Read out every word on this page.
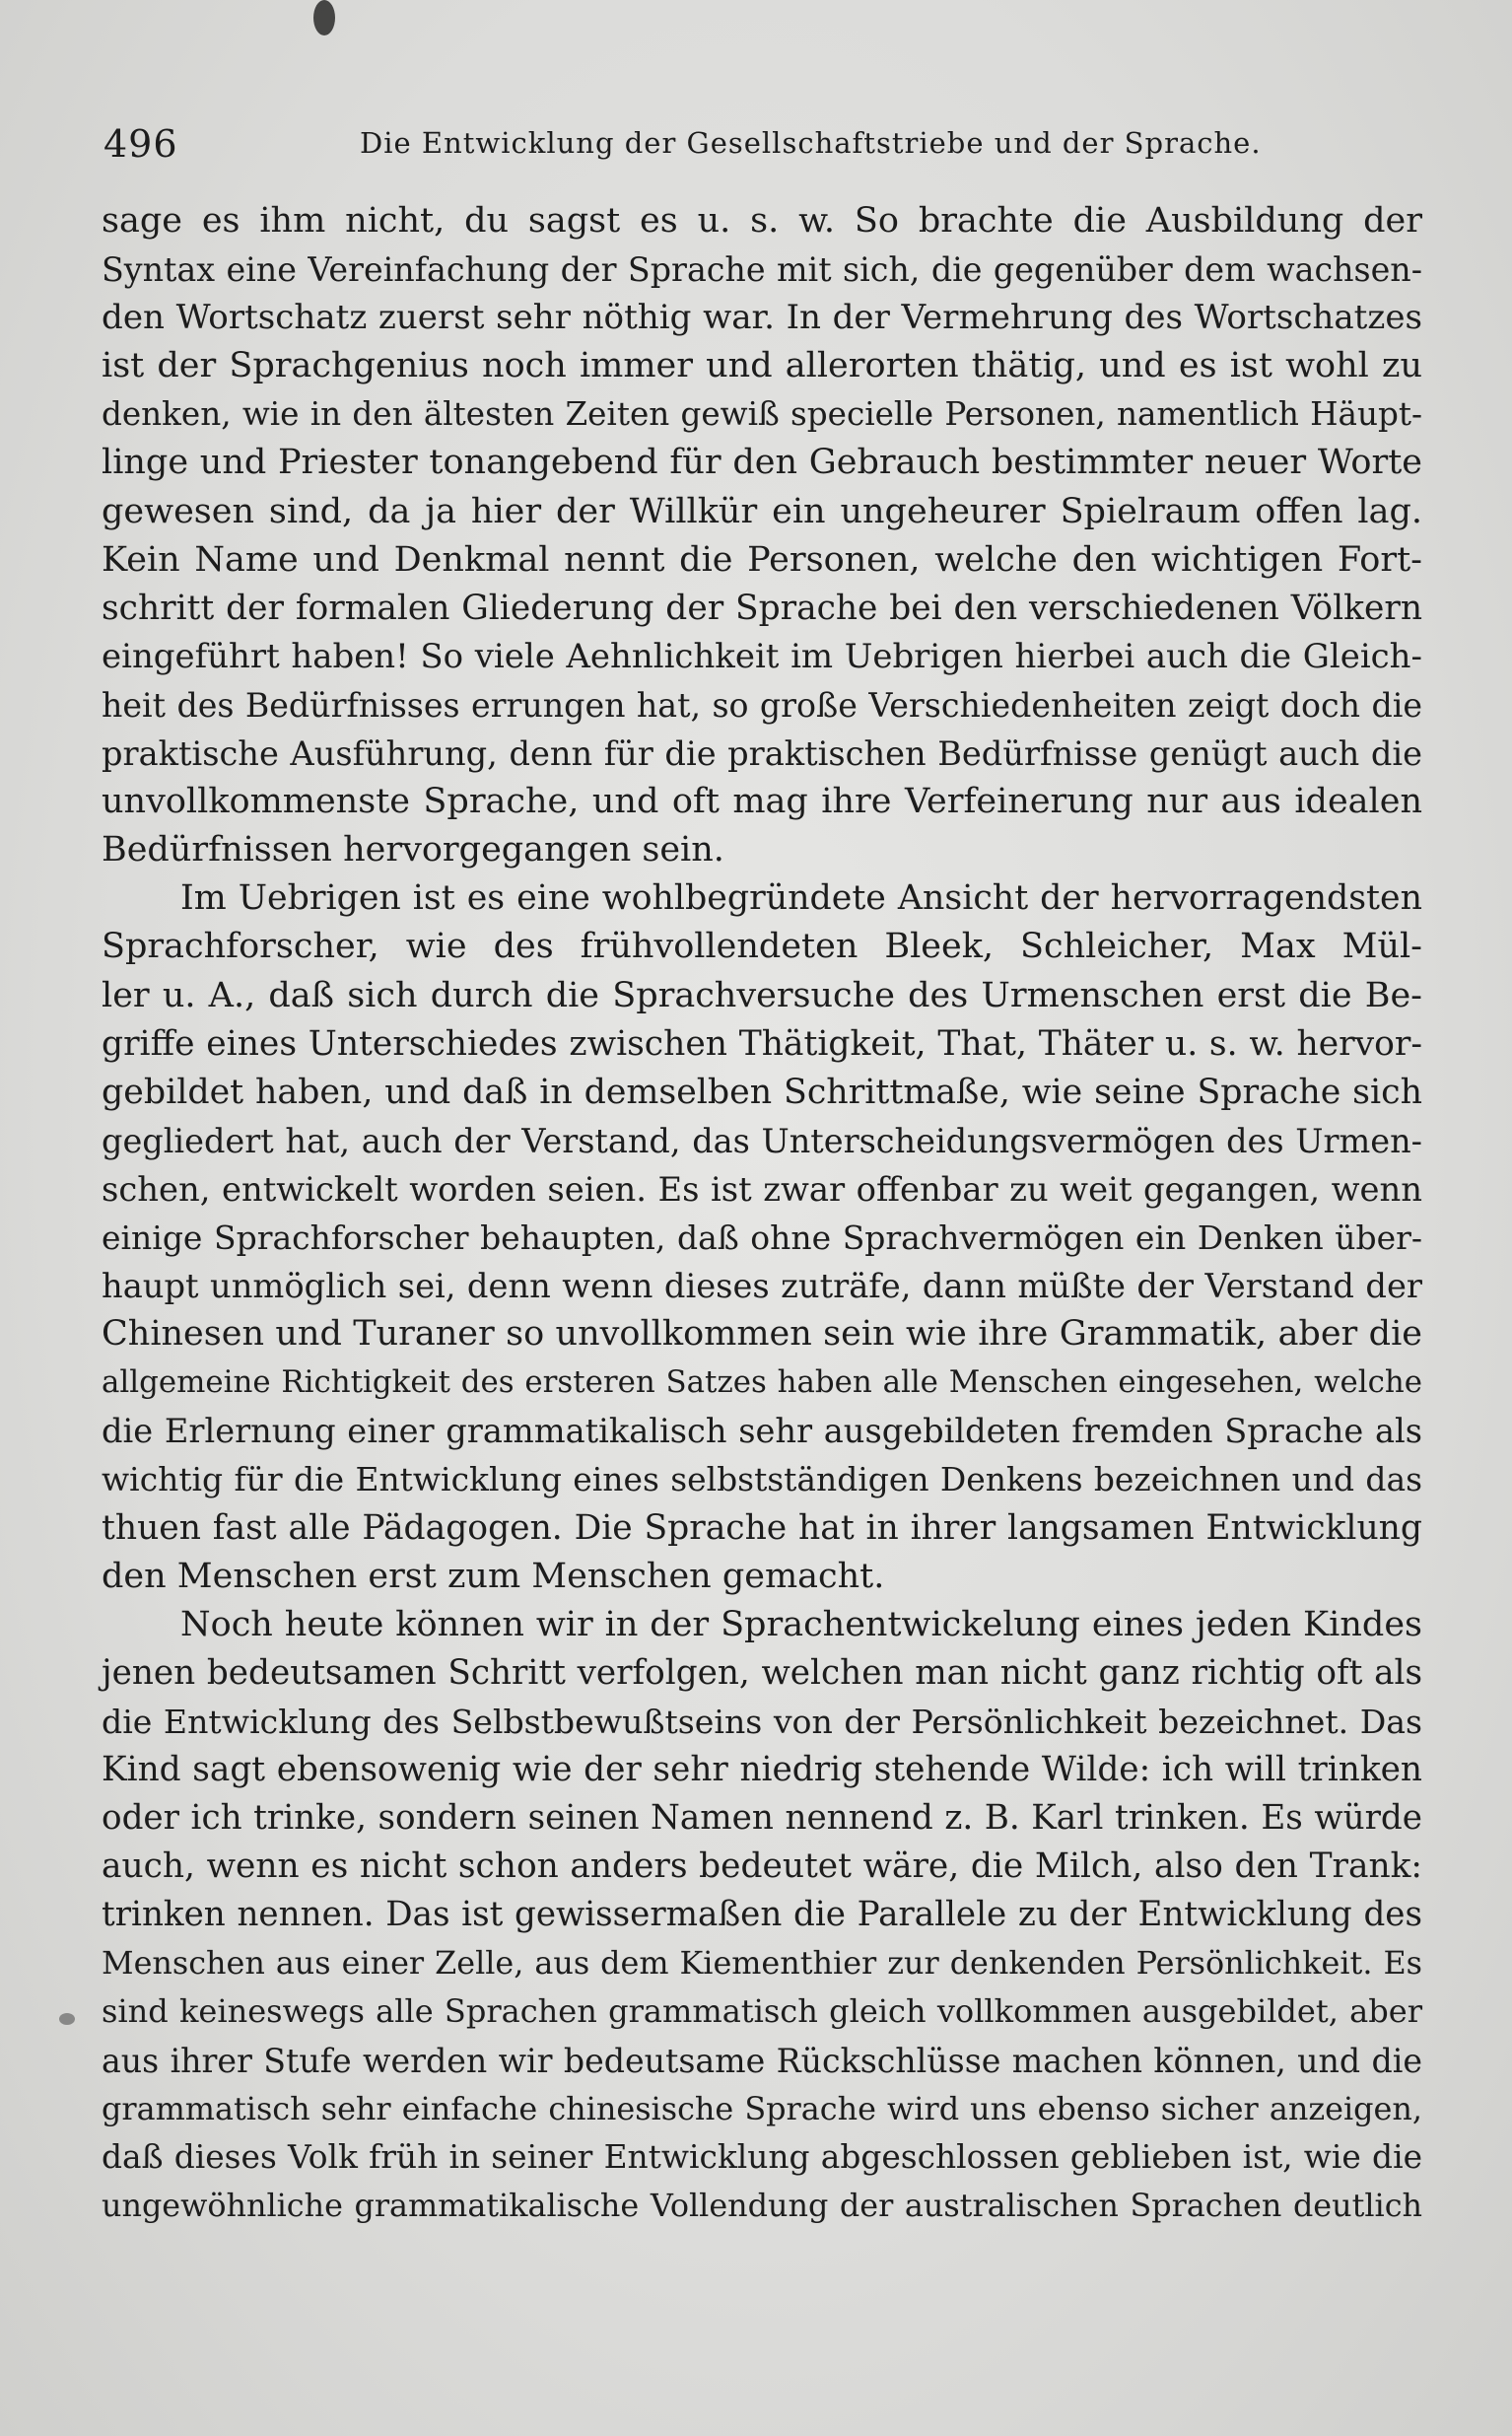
496	Die Entwicklung der Gesellschaftstriebe und der Sprache.
sage es ihm nicht, du sagst es u. s. w. So brachte die Ausbildung der
Syntax eine Vereinfachung der Sprache mit sich, die gegenüber dem wachsen-
den Wortschatz zuerst sehr nöthig war. In der Vermehrung des Wortschatzes
ist der Sprachgenius noch immer und allerorten thätig, und es ist wohl zu
denken, wie in den ältesten Zeiten gewiß specielle Personen, namentlich Häupt-
linge und Priester tonangebend für den Gebrauch bestimmter neuer Worte
gewesen sind, da ja hier der Willkür ein ungeheurer Spielraum offen lag.
Kein Name und Denkmal nennt die Personen, welche den wichtigen Fort-
schritt der formalen Gliederung der Sprache bei den verschiedenen Völkern
eingeführt haben! So viele Aehnlichkeit im Uebrigen hierbei auch die Gleich-
heit des Bedürfnisses errungen hat, so große Verschiedenheiten zeigt doch die
praktische Ausführung, denn für die praktischen Bedürfnisse genügt auch die
unvollkommenste Sprache, und oft mag ihre Verfeinerung nur aus idealen
Bedürfnissen hervorgegangen sein.
Im Uebrigen ist es eine wohlbegründete Ansicht der hervorragendsten
Sprachforscher, wie des frühvollendeten Bleek, Schleicher, Max Mül-
ler u. A., daß sich durch die Sprachversuche des Urmenschen erst die Be-
griffe eines Unterschiedes zwischen Thätigkeit, That, Thäter u. s. w. hervor-
gebildet haben, und daß in demselben Schrittmaße, wie seine Sprache sich
gegliedert hat, auch der Verstand, das Unterscheidungsvermögen des Urmen-
schen, entwickelt worden seien. Es ist zwar offenbar zu weit gegangen, wenn
einige Sprachforscher behaupten, daß ohne Sprachvermögen ein Denken über-
haupt unmöglich sei, denn wenn dieses zuträfe, dann müßte der Verstand der
Chinesen und Turaner so unvollkommen sein wie ihre Grammatik, aber die
allgemeine Richtigkeit des ersteren Satzes haben alle Menschen eingesehen, welche
die Erlernung einer grammatikalisch sehr ausgebildeten fremden Sprache als
wichtig für die Entwicklung eines selbstständigen Denkens bezeichnen und das
thuen fast alle Pädagogen. Die Sprache hat in ihrer langsamen Entwicklung
den Menschen erst zum Menschen gemacht.
Noch heute können wir in der Sprachentwickelung eines jeden Kindes
jenen bedeutsamen Schritt verfolgen, welchen man nicht ganz richtig oft als
die Entwicklung des Selbstbewußtseins von der Persönlichkeit bezeichnet. Das
Kind sagt ebensowenig wie der sehr niedrig stehende Wilde: ich will trinken
oder ich trinke, sondern seinen Namen nennend z. B. Karl trinken. Es würde
auch, wenn es nicht schon anders bedeutet wäre, die Milch, also den Trank:
trinken nennen. Das ist gewissermaßen die Parallele zu der Entwicklung des
Menschen aus einer Zelle, aus dem Kiementhier zur denkenden Persönlichkeit. Es
sind keineswegs alle Sprachen grammatisch gleich vollkommen ausgebildet, aber
aus ihrer Stufe werden wir bedeutsame Rückschlüsse machen können, und die
grammatisch sehr einfache chinesische Sprache wird uns ebenso sicher anzeigen,
daß dieses Volk früh in seiner Entwicklung abgeschlossen geblieben ist, wie die
ungewöhnliche grammatikalische Vollendung der australischen Sprachen deutlich
